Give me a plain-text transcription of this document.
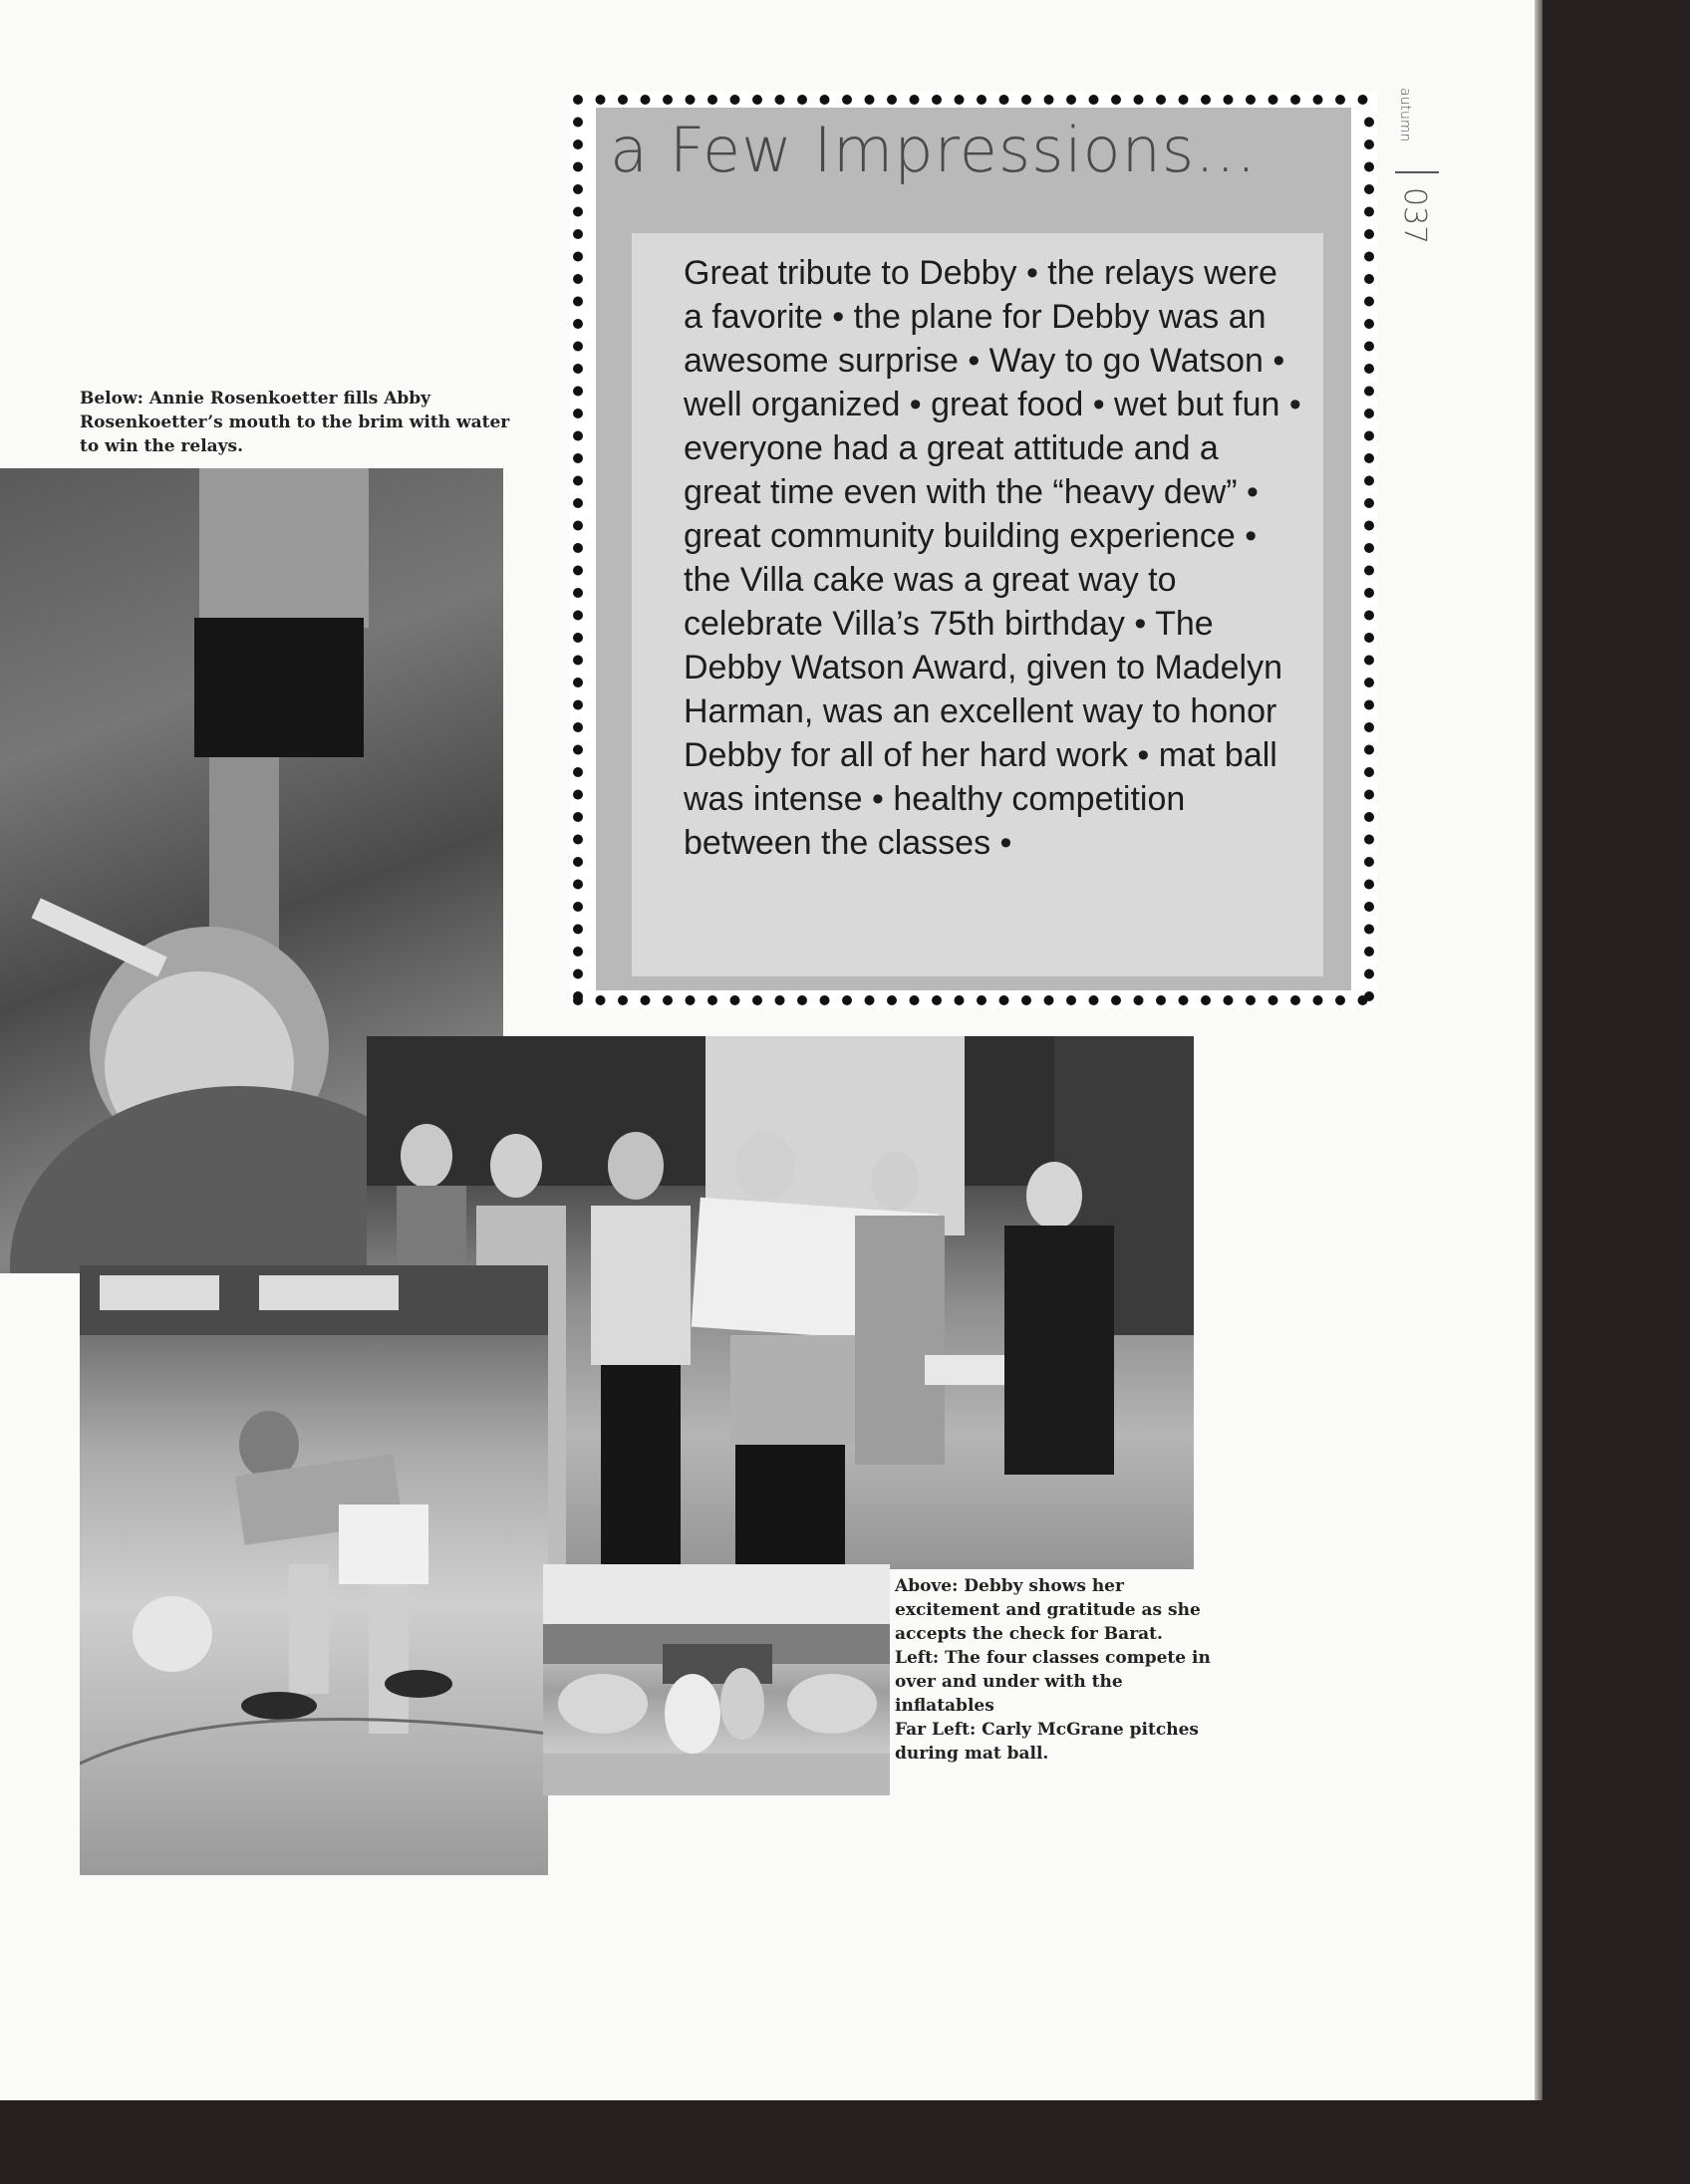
a Few Impressions...
Great tribute to Debby • the relays were a favorite • the plane for Debby was an awesome surprise • Way to go Watson • well organized • great food • wet but fun • everyone had a great attitude and a great time even with the “heavy dew” • great community building experience • the Villa cake was a great way to celebrate Villa’s 75th birthday • The Debby Watson Award, given to Madelyn Harman, was an excellent way to honor Debby for all of her hard work • mat ball was intense • healthy competition between the classes •
autumn
037
Below: Annie Rosenkoetter fills Abby Rosenkoetter’s mouth to the brim with water to win the relays.
Above: Debby shows her excitement and gratitude as she accepts the check for Barat.
Left: The four classes compete in over and under with the inflatables
Far Left: Carly McGrane pitches during mat ball.
